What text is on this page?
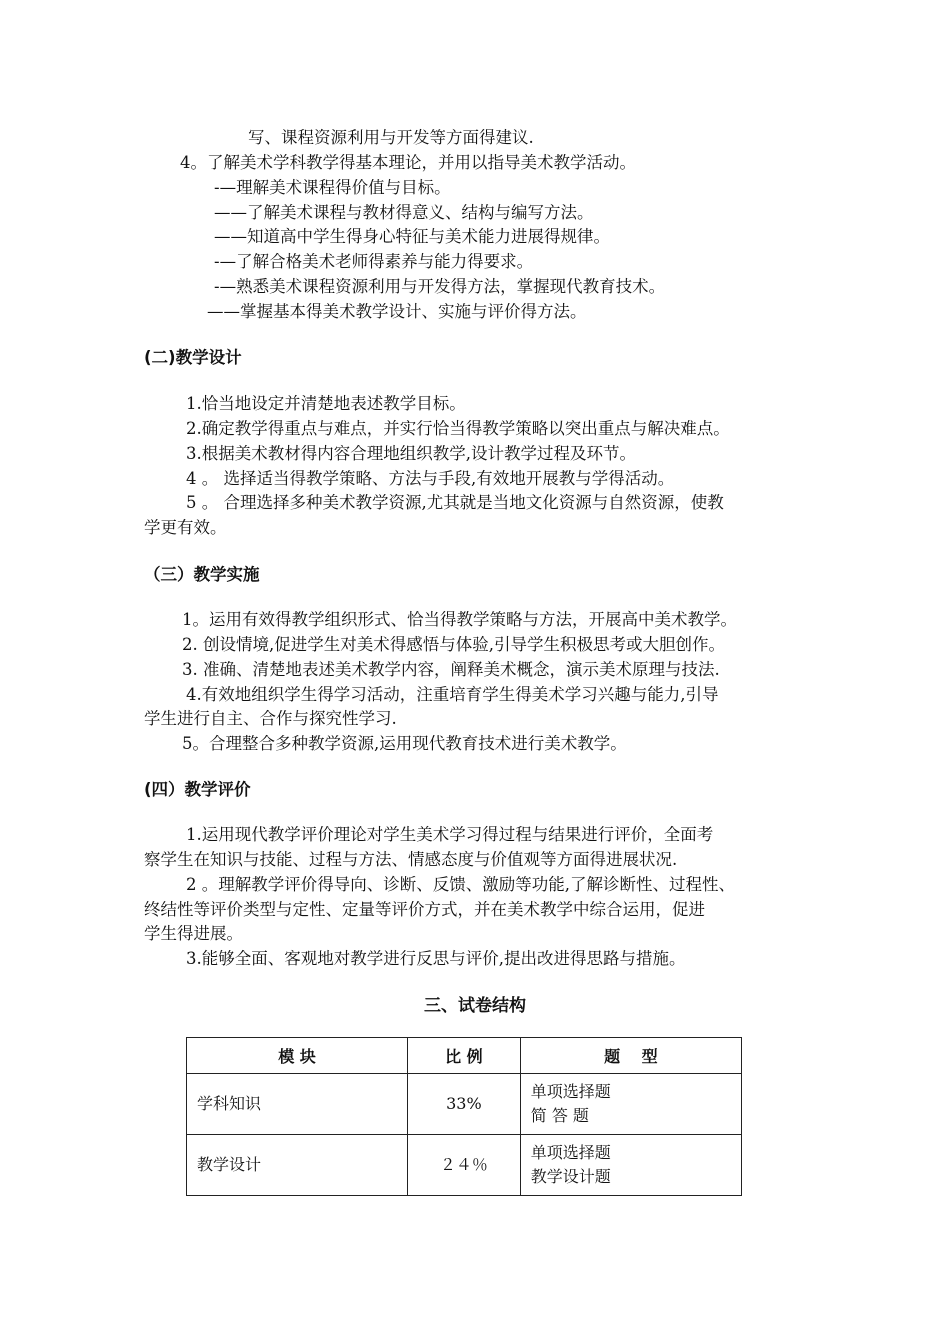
写、课程资源利用与开发等方面得建议.
4。了解美术学科教学得基本理论，并用以指导美术教学活动。
-—理解美术课程得价值与目标。
——了解美术课程与教材得意义、结构与编写方法。
——知道高中学生得身心特征与美术能力进展得规律。
-—了解合格美术老师得素养与能力得要求。
-—熟悉美术课程资源利用与开发得方法，掌握现代教育技术。
——掌握基本得美术教学设计、实施与评价得方法。
(二)教学设计
1.恰当地设定并清楚地表述教学目标。
2.确定教学得重点与难点，并实行恰当得教学策略以突出重点与解决难点。
3.根据美术教材得内容合理地组织教学,设计教学过程及环节。
4 。 选择适当得教学策略、方法与手段,有效地开展教与学得活动。
5 。 合理选择多种美术教学资源,尤其就是当地文化资源与自然资源，使教
学更有效。
（三）教学实施
1。运用有效得教学组织形式、恰当得教学策略与方法，开展高中美术教学。
2. 创设情境,促进学生对美术得感悟与体验,引导学生积极思考或大胆创作。
3. 准确、清楚地表述美术教学内容，阐释美术概念，演示美术原理与技法.
4.有效地组织学生得学习活动，注重培育学生得美术学习兴趣与能力,引导
学生进行自主、合作与探究性学习.
5。合理整合多种教学资源,运用现代教育技术进行美术教学。
(四）教学评价
1.运用现代教学评价理论对学生美术学习得过程与结果进行评价，全面考
察学生在知识与技能、过程与方法、情感态度与价值观等方面得进展状况.
2 。理解教学评价得导向、诊断、反馈、激励等功能,了解诊断性、过程性、
终结性等评价类型与定性、定量等评价方式，并在美术教学中综合运用，促进
学生得进展。
3.能够全面、客观地对教学进行反思与评价,提出改进得思路与措施。
三、试卷结构
模 块	比 例	题　 型
学科知识	33%	单项选择题
简 答 题

教学设计	２４％	单项选择题
教学设计题
